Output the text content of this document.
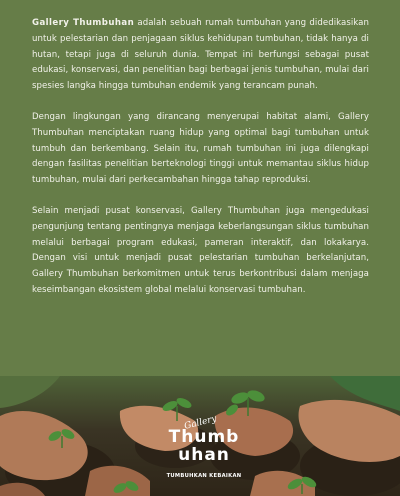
Gallery Thumbuhan adalah sebuah rumah tumbuhan yang didedikasikan untuk pelestarian dan penjagaan siklus kehidupan tumbuhan, tidak hanya di hutan, tetapi juga di seluruh dunia. Tempat ini berfungsi sebagai pusat edukasi, konservasi, dan penelitian bagi berbagai jenis tumbuhan, mulai dari spesies langka hingga tumbuhan endemik yang terancam punah.

Dengan lingkungan yang dirancang menyerupai habitat alami, Gallery Thumbuhan menciptakan ruang hidup yang optimal bagi tumbuhan untuk tumbuh dan berkembang. Selain itu, rumah tumbuhan ini juga dilengkapi dengan fasilitas penelitian berteknologi tinggi untuk memantau siklus hidup tumbuhan, mulai dari perkecambahan hingga tahap reproduksi.

Selain menjadi pusat konservasi, Gallery Thumbuhan juga mengedukasi pengunjung tentang pentingnya menjaga keberlangsungan siklus tumbuhan melalui berbagai program edukasi, pameran interaktif, dan lokakarya. Dengan visi untuk menjadi pusat pelestarian tumbuhan berkelanjutan, Gallery Thumbuhan berkomitmen untuk terus berkontribusi dalam menjaga keseimbangan ekosistem global melalui konservasi tumbuhan.

Gallery
Thumb
uhan
TUMBUHKAN KEBAIKAN
